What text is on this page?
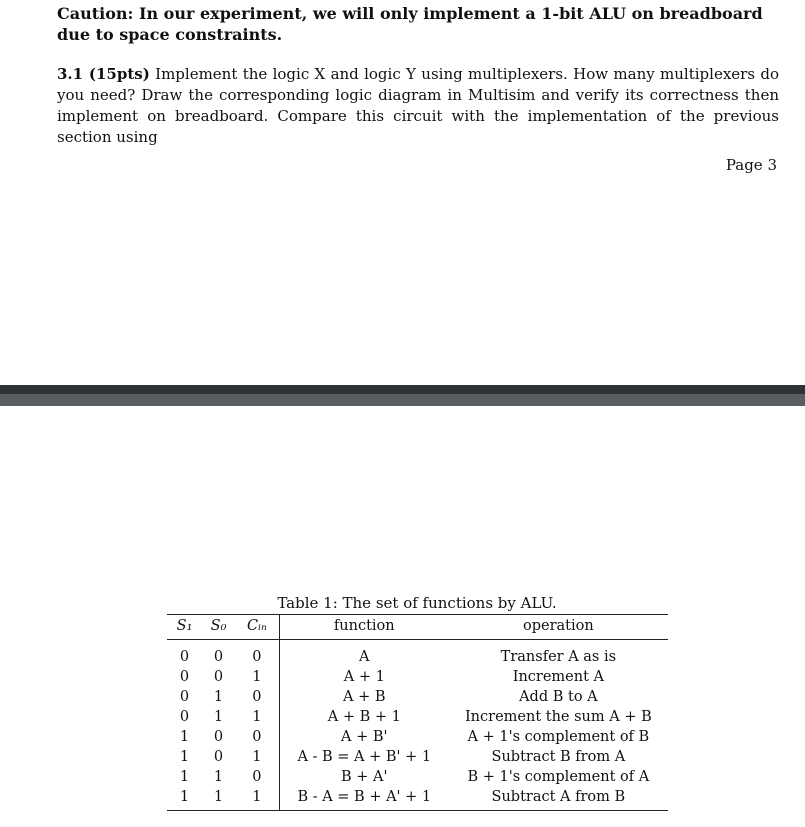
Caution: In our experiment, we will only implement a 1-bit ALU on breadboard due to space constraints.
3.1 (15pts) Implement the logic X and logic Y using multiplexers. How many multiplexers do you need? Draw the corresponding logic diagram in Multisim and verify its correctness then implement on breadboard. Compare this circuit with the implementation of the previous section using
Page 3
Table 1: The set of functions by ALU.
S₁	S₀	Cᵢₙ	function	operation
0	0	0	A	Transfer A as is
0	0	1	A + 1	Increment A
0	1	0	A + B	Add B to A
0	1	1	A + B + 1	Increment the sum A + B
1	0	0	A + B'	A + 1's complement of B
1	0	1	A - B = A + B' + 1	Subtract B from A
1	1	0	B + A'	B + 1's complement of A
1	1	1	B - A = B + A' + 1	Subtract A from B
